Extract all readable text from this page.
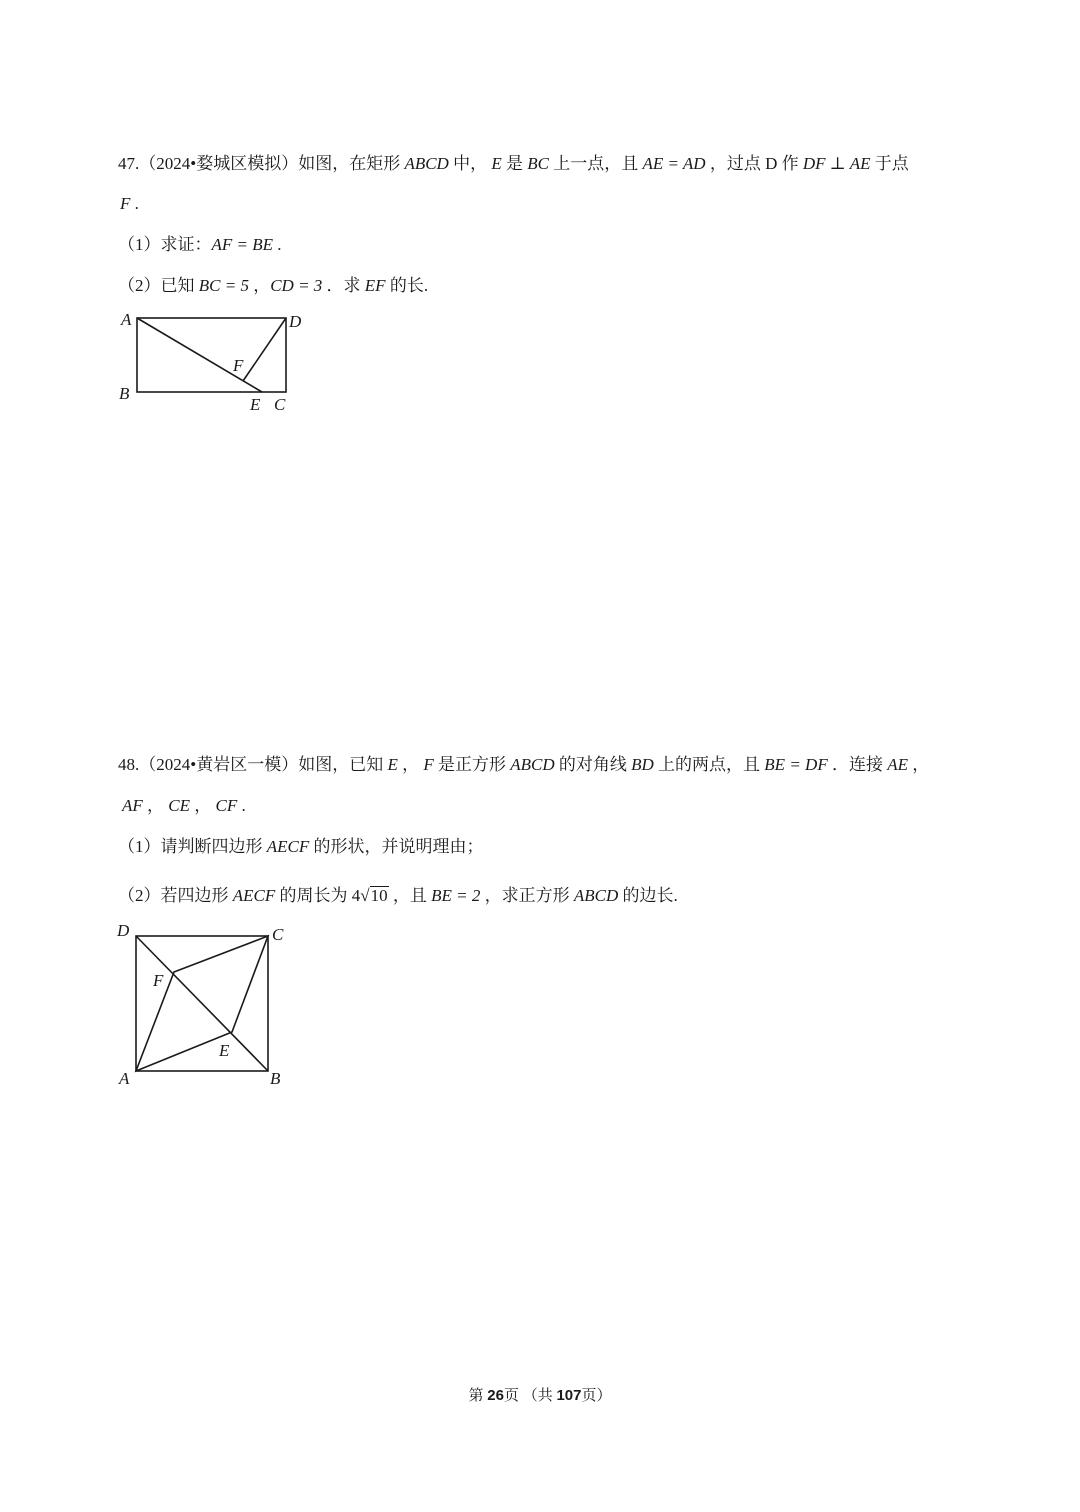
47.（2024•婺城区模拟）如图，在矩形 ABCD 中， E 是 BC 上一点，且 AE = AD ，过点 D 作 DF ⊥ AE 于点
F .
（1）求证：AF = BE .
（2）已知 BC = 5 ，CD = 3 ．求 EF 的长.
A	D
F
B
E C
48.（2024•黄岩区一模）如图，已知 E ， F 是正方形 ABCD 的对角线 BD 上的两点，且 BE = DF ．连接 AE ，
AF ， CE ， CF .
（1）请判断四边形 AECF 的形状，并说明理由；
（2）若四边形 AECF 的周长为 4√10 ，且 BE = 2 ，求正方形 ABCD 的边长.
D	C
F
E
A	B
第 26页 （共 107页）
